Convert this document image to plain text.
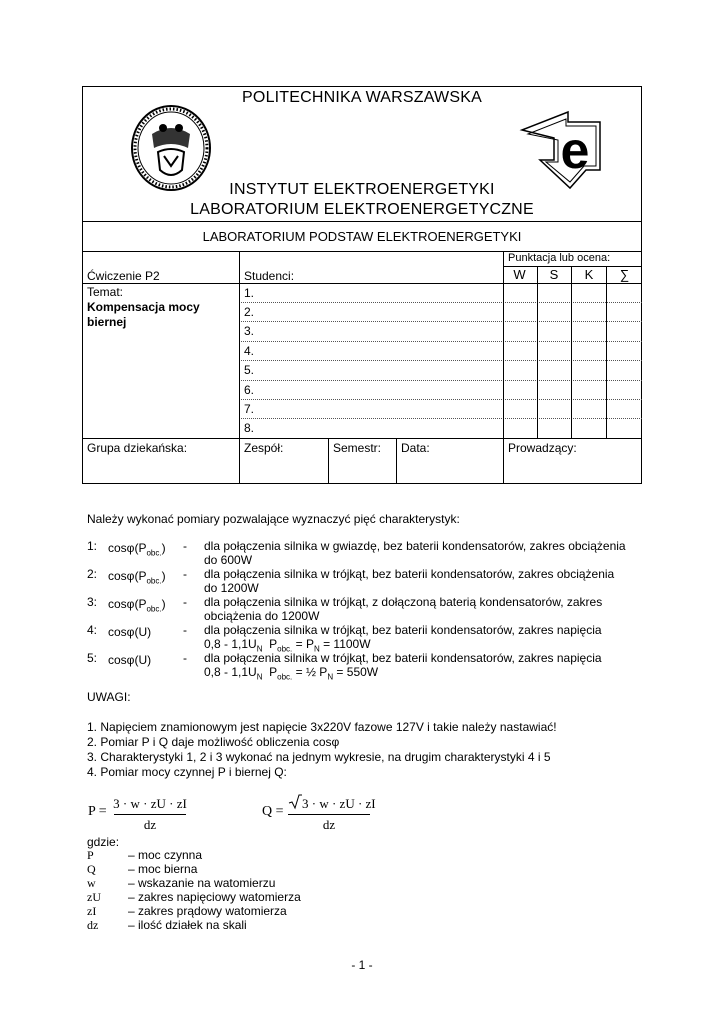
POLITECHNIKA WARSZAWSKA
e
INSTYTUT ELEKTROENERGETYKI
LABORATORIUM ELEKTROENERGETYCZNE
LABORATORIUM PODSTAW ELEKTROENERGETYKI
Punktacja lub ocena:
W	S	K	∑
Ćwiczenie P2	Studenci:
Temat:
Kompensacja mocy
biernej
1.
2.
3.
4.
5.
6.
7.
8.
Grupa dziekańska:	Zespół:	Semestr: Data:	Prowadzący:
Należy wykonać pomiary pozwalające wyznaczyć pięć charakterystyk:
1: $\cos\varphi(P_{obc.})$ - dla połączenia silnika w gwiazdę, bez baterii kondensatorów, zakres obciążenia
do 600W
2: $\cos\varphi(P_{obc.})$ - dla połączenia silnika w trójkąt, bez baterii kondensatorów, zakres obciążenia
do 1200W
3: $\cos\varphi(P_{obc.})$ - dla połączenia silnika w trójkąt, z dołączoną baterią kondensatorów, zakres
obciążenia do 1200W
4: cosφ(U)	- dla połączenia silnika w trójkąt, bez baterii kondensatorów, zakres napięcia
$0,8 - 1,1U_N$  $P_{obc.} = P_N = 1100W$
5: cosφ(U)	- dla połączenia silnika w trójkąt, bez baterii kondensatorów, zakres napięcia
$0,8 - 1,1U_N$  $P_{obc.}$ = ½ $P_N = 550W$
UWAGI:
1. Napięciem znamionowym jest napięcie 3x220V fazowe 127V i takie należy nastawiać!
2. Pomiar P i Q daje możliwość obliczenia cosφ
3. Charakterystyki 1, 2 i 3 wykonać na jednym wykresie, na drugim charakterystyki 4 i 5
4. Pomiar mocy czynnej P i biernej Q:
P =
3 · w · zU · zI
dz
Q =
3 · w · zU · zI
dz
gdzie:
P	– moc czynna
Q	– moc bierna
w	– wskazanie na watomierzu
zU – zakres napięciowy watomierza
zI	– zakres prądowy watomierza
dz – ilość działek na skali
- 1 -
